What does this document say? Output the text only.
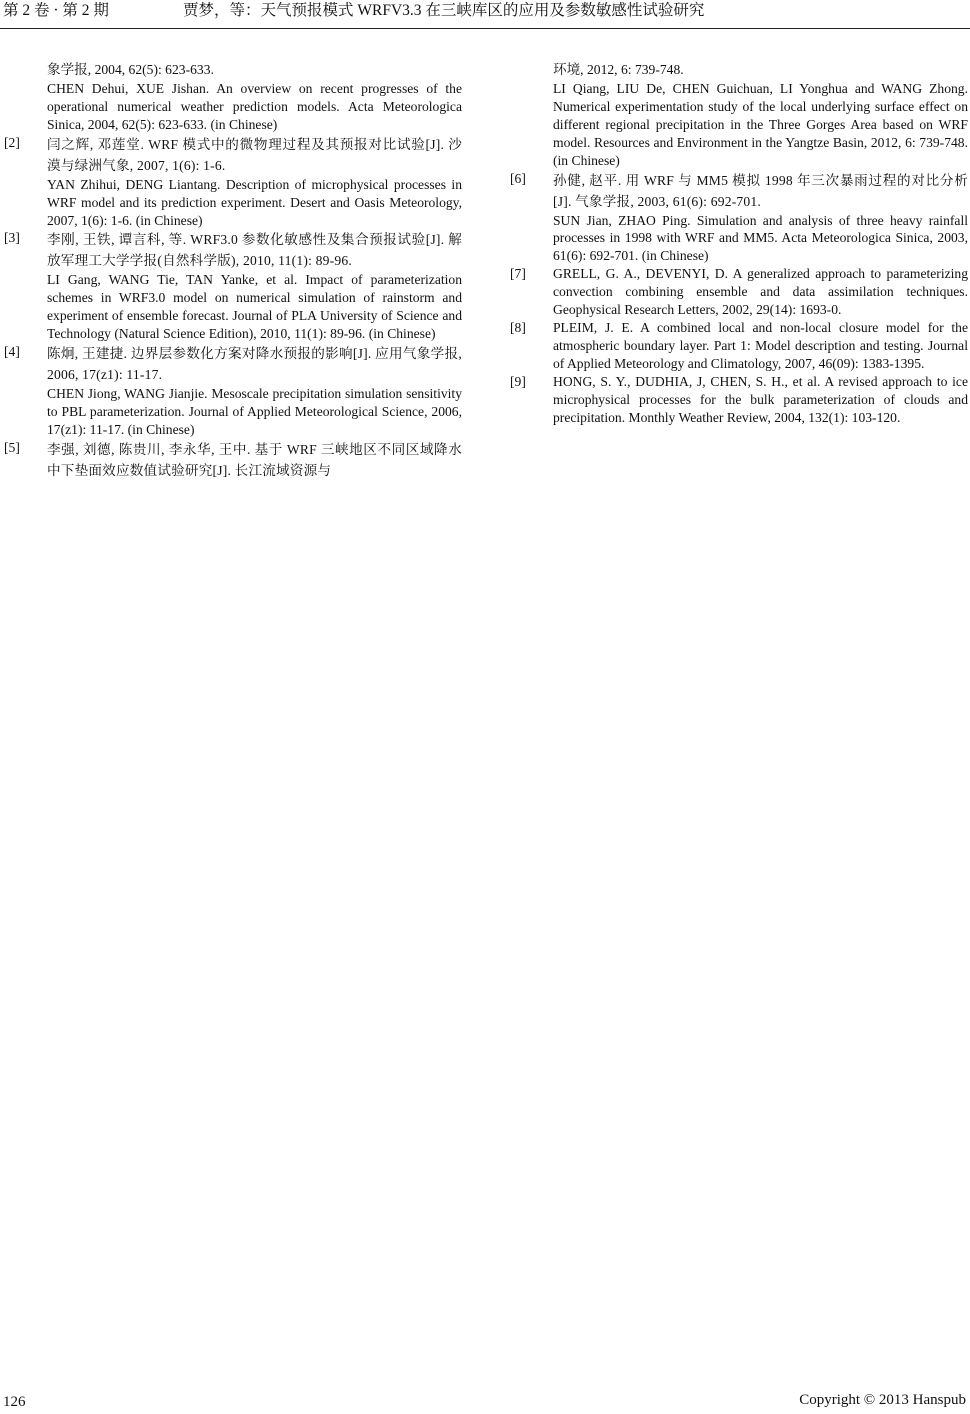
第 2 卷 · 第 2 期	贾梦，等：天气预报模式 WRFV3.3 在三峡库区的应用及参数敏感性试验研究

象学报, 2004, 62(5): 623-633.

CHEN Dehui, XUE Jishan. An overview on recent progresses of the operational numerical weather prediction models. Acta Meteorologica Sinica, 2004, 62(5): 623-633. (in Chinese)

[2] 闫之辉, 邓莲堂. WRF 模式中的微物理过程及其预报对比试验[J]. 沙漠与绿洲气象, 2007, 1(6): 1-6.

YAN Zhihui, DENG Liantang. Description of microphysical processes in WRF model and its prediction experiment. Desert and Oasis Meteorology, 2007, 1(6): 1-6. (in Chinese)

[3] 李刚, 王铁, 谭言科, 等. WRF3.0 参数化敏感性及集合预报试验[J]. 解放军理工大学学报(自然科学版), 2010, 11(1): 89-96.

LI Gang, WANG Tie, TAN Yanke, et al. Impact of parameterization schemes in WRF3.0 model on numerical simulation of rainstorm and experiment of ensemble forecast. Journal of PLA University of Science and Technology (Natural Science Edition), 2010, 11(1): 89-96. (in Chinese)

[4] 陈炯, 王建捷. 边界层参数化方案对降水预报的影响[J]. 应用气象学报, 2006, 17(z1): 11-17.

CHEN Jiong, WANG Jianjie. Mesoscale precipitation simulation sensitivity to PBL parameterization. Journal of Applied Meteorological Science, 2006, 17(z1): 11-17. (in Chinese)

[5] 李强, 刘德, 陈贵川, 李永华, 王中. 基于 WRF 三峡地区不同区域降水中下垫面效应数值试验研究[J]. 长江流域资源与

环境, 2012, 6: 739-748.

LI Qiang, LIU De, CHEN Guichuan, LI Yonghua and WANG Zhong. Numerical experimentation study of the local underlying surface effect on different regional precipitation in the Three Gorges Area based on WRF model. Resources and Environment in the Yangtze Basin, 2012, 6: 739-748. (in Chinese)

[6] 孙健, 赵平. 用 WRF 与 MM5 模拟 1998 年三次暴雨过程的对比分析[J]. 气象学报, 2003, 61(6): 692-701.

SUN Jian, ZHAO Ping. Simulation and analysis of three heavy rainfall processes in 1998 with WRF and MM5. Acta Meteorologica Sinica, 2003, 61(6): 692-701. (in Chinese)

[7] GRELL, G. A., DEVENYI, D. A generalized approach to parameterizing convection combining ensemble and data assimilation techniques. Geophysical Research Letters, 2002, 29(14): 1693-0.

[8] PLEIM, J. E. A combined local and non-local closure model for the atmospheric boundary layer. Part 1: Model description and testing. Journal of Applied Meteorology and Climatology, 2007, 46(09): 1383-1395.

[9] HONG, S. Y., DUDHIA, J, CHEN, S. H., et al. A revised approach to ice microphysical processes for the bulk parameterization of clouds and precipitation. Monthly Weather Review, 2004, 132(1): 103-120.

126	Copyright © 2013 Hanspub
